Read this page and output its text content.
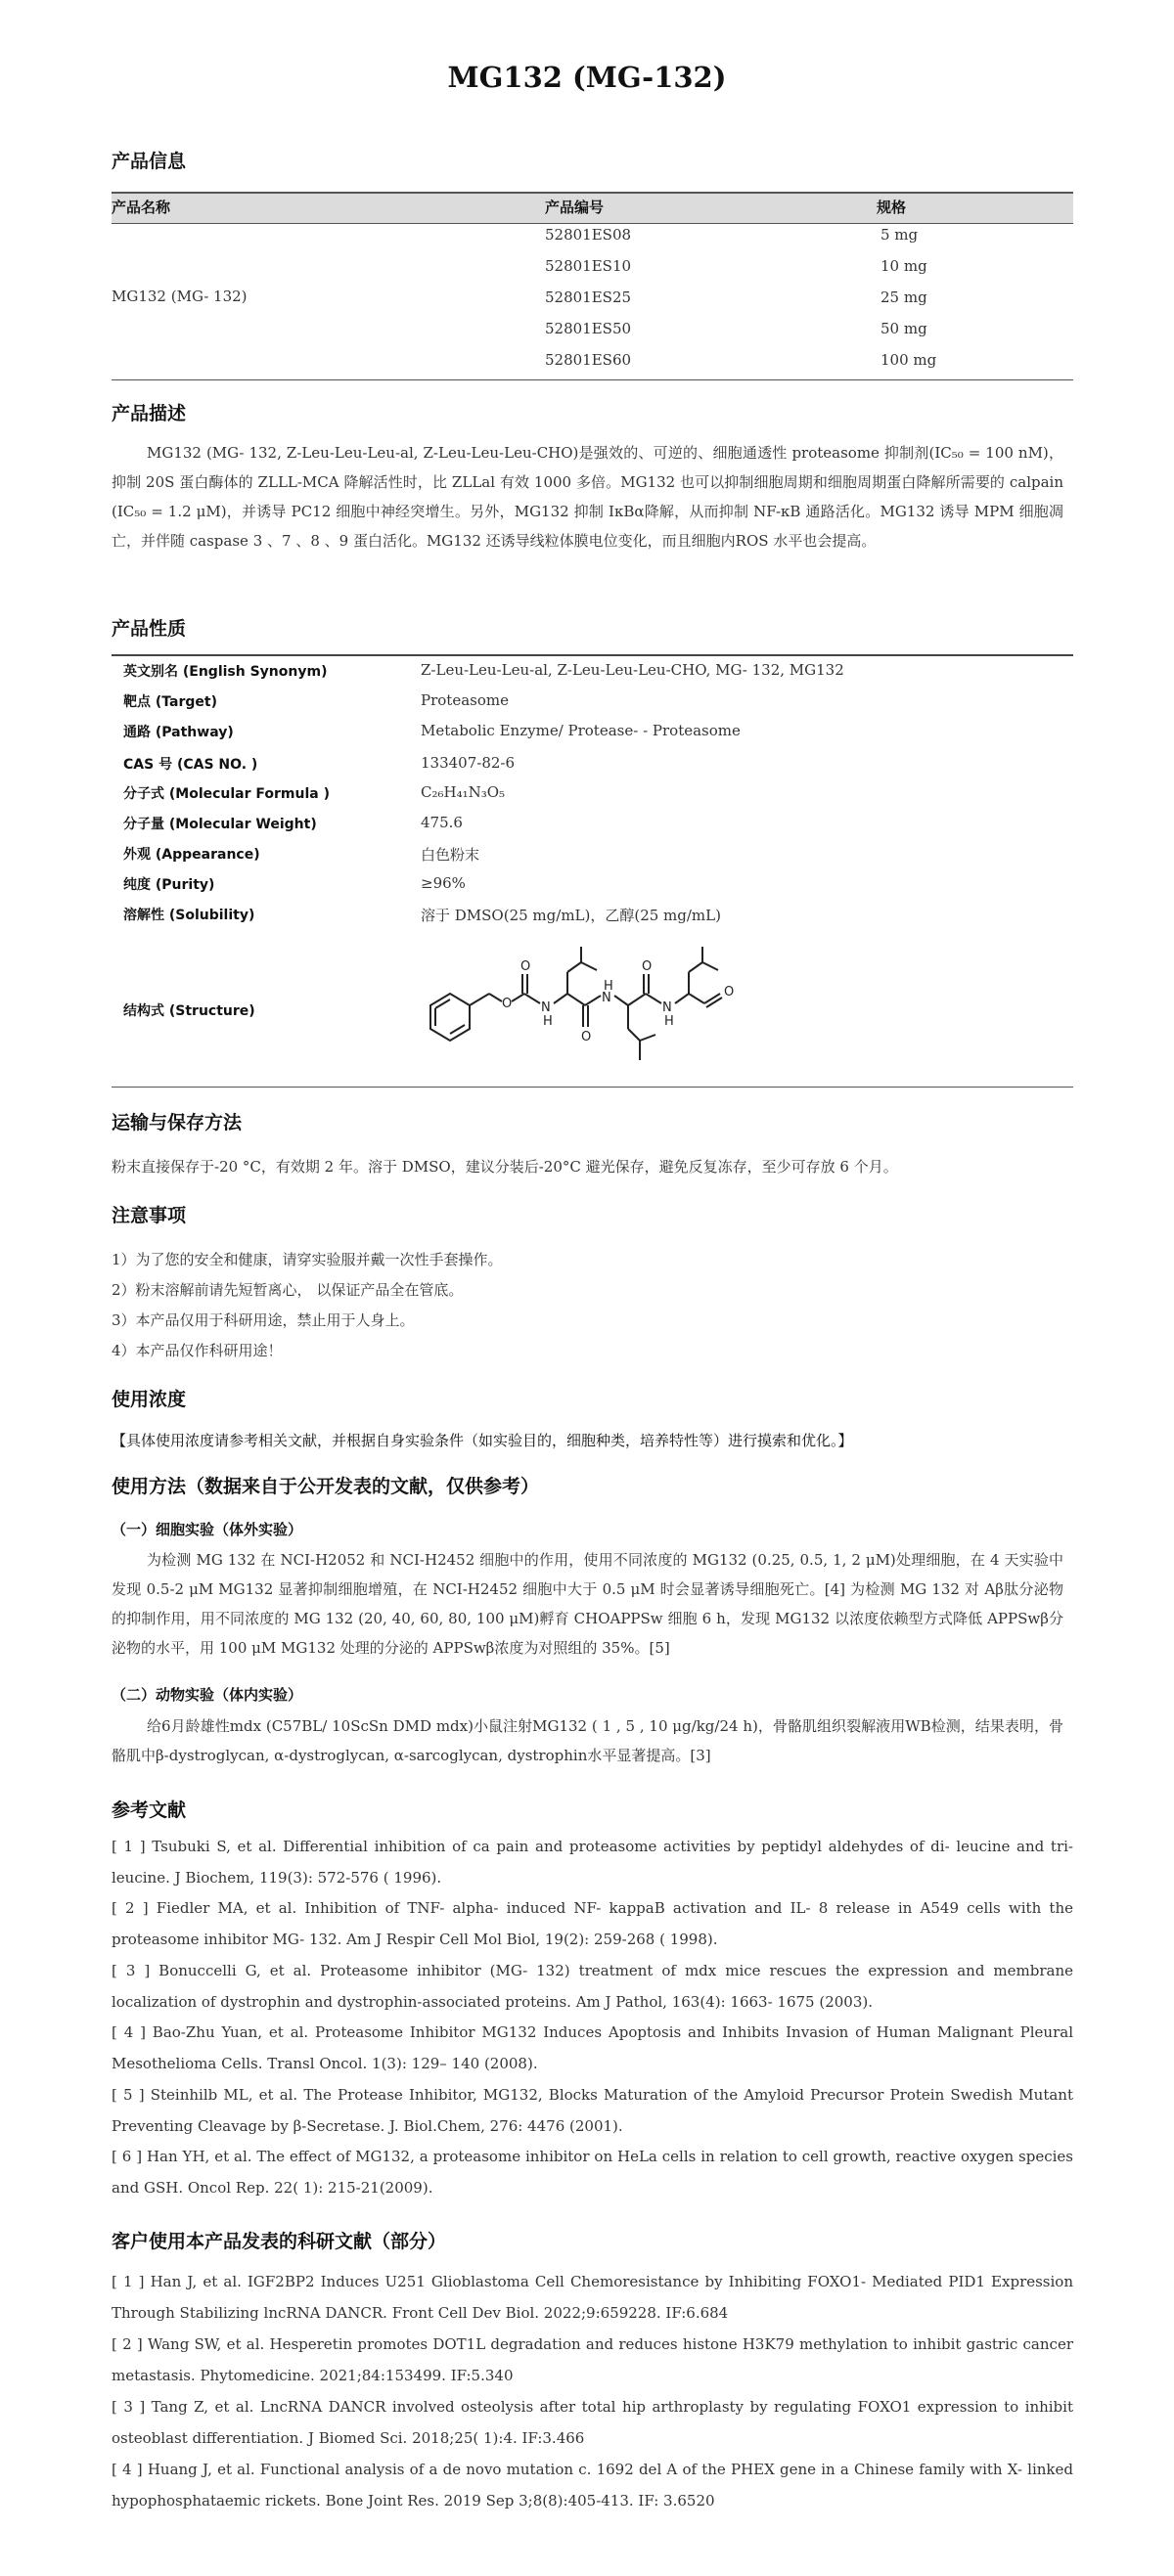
MG132 (MG-132)
产品信息
产品名称	产品编号	规格
MG132 (MG- 132)
52801ES08	5 mg
52801ES10	10 mg
52801ES25	25 mg
52801ES50	50 mg
52801ES60	100 mg
产品描述
MG132 (MG- 132, Z-Leu-Leu-Leu-al, Z-Leu-Leu-Leu-CHO)是强效的、可逆的、细胞通透性 proteasome 抑制剂(IC₅₀ = 100 nM)，抑制 20S 蛋白酶体的 ZLLL-MCA 降解活性时，比 ZLLal 有效 1000 多倍。MG132 也可以抑制细胞周期和细胞周期蛋白降解所需要的 calpain (IC₅₀ = 1.2 μM)，并诱导 PC12 细胞中神经突增生。另外，MG132 抑制 IκBα降解，从而抑制 NF-κB 通路活化。MG132 诱导 MPM 细胞凋亡，并伴随 caspase 3 、7 、8 、9 蛋白活化。MG132 还诱导线粒体膜电位变化，而且细胞内ROS 水平也会提高。
产品性质
英文别名 (English Synonym)	Z-Leu-Leu-Leu-al, Z-Leu-Leu-Leu-CHO, MG- 132, MG132
靶点 (Target)	Proteasome
通路 (Pathway)	Metabolic Enzyme/ Protease- - Proteasome
CAS 号 (CAS NO. )	133407-82-6
分子式 (Molecular Formula )	C₂₆H₄₁N₃O₅
分子量 (Molecular Weight)	475.6
外观 (Appearance)	白色粉末
纯度 (Purity)	≥96%
溶解性 (Solubility)	溶于 DMSO(25 mg/mL)，乙醇(25 mg/mL)
结构式 (Structure)	O
O
N
H
N
H
O
O
N
H
O
运输与保存方法
粉末直接保存于-20 °C，有效期 2 年。溶于 DMSO，建议分装后-20°C 避光保存，避免反复冻存，至少可存放 6 个月。
注意事项
1）为了您的安全和健康，请穿实验服并戴一次性手套操作。
2）粉末溶解前请先短暂离心， 以保证产品全在管底。
3）本产品仅用于科研用途，禁止用于人身上。
4）本产品仅作科研用途！
使用浓度
【具体使用浓度请参考相关文献，并根据自身实验条件（如实验目的，细胞种类，培养特性等）进行摸索和优化。】
使用方法（数据来自于公开发表的文献，仅供参考）
（一）细胞实验（体外实验）
为检测 MG 132 在 NCI-H2052 和 NCI-H2452 细胞中的作用，使用不同浓度的 MG132 (0.25, 0.5, 1, 2 μM)处理细胞，在 4 天实验中发现 0.5-2 μM MG132 显著抑制细胞增殖，在 NCI-H2452 细胞中大于 0.5 μM 时会显著诱导细胞死亡。[4] 为检测 MG 132 对 Aβ肽分泌物的抑制作用，用不同浓度的 MG 132 (20, 40, 60, 80, 100 μM)孵育 CHOAPPSw 细胞 6 h，发现 MG132 以浓度依赖型方式降低 APPSwβ分泌物的水平，用 100 μM MG132 处理的分泌的 APPSwβ浓度为对照组的 35%。[5]
（二）动物实验（体内实验）
给6月龄雄性mdx (C57BL/ 10ScSn DMD mdx)小鼠注射MG132 ( 1 , 5 , 10 μg/kg/24 h)，骨骼肌组织裂解液用WB检测，结果表明，骨骼肌中β-dystroglycan, α-dystroglycan, α-sarcoglycan, dystrophin水平显著提高。[3]
参考文献
[ 1 ] Tsubuki S, et al. Differential inhibition of ca pain and proteasome activities by peptidyl aldehydes of di- leucine and tri- leucine. J Biochem, 119(3): 572-576 ( 1996).
[ 2 ] Fiedler MA, et al. Inhibition of TNF- alpha- induced NF- kappaB activation and IL- 8 release in A549 cells with the proteasome inhibitor MG- 132. Am J Respir Cell Mol Biol, 19(2): 259-268 ( 1998).
[ 3 ] Bonuccelli G, et al. Proteasome inhibitor (MG- 132) treatment of mdx mice rescues the expression and membrane localization of dystrophin and dystrophin-associated proteins. Am J Pathol, 163(4): 1663- 1675 (2003).
[ 4 ] Bao-Zhu Yuan, et al. Proteasome Inhibitor MG132 Induces Apoptosis and Inhibits Invasion of Human Malignant Pleural Mesothelioma Cells. Transl Oncol. 1(3): 129– 140 (2008).
[ 5 ] Steinhilb ML, et al. The Protease Inhibitor, MG132, Blocks Maturation of the Amyloid Precursor Protein Swedish Mutant Preventing Cleavage by β-Secretase. J. Biol.Chem, 276: 4476 (2001).
[ 6 ] Han YH, et al. The effect of MG132, a proteasome inhibitor on HeLa cells in relation to cell growth, reactive oxygen species and GSH. Oncol Rep. 22( 1): 215-21(2009).
客户使用本产品发表的科研文献（部分）
[ 1 ] Han J, et al. IGF2BP2 Induces U251 Glioblastoma Cell Chemoresistance by Inhibiting FOXO1- Mediated PID1 Expression Through Stabilizing lncRNA DANCR. Front Cell Dev Biol. 2022;9:659228. IF:6.684
[ 2 ] Wang SW, et al. Hesperetin promotes DOT1L degradation and reduces histone H3K79 methylation to inhibit gastric cancer metastasis. Phytomedicine. 2021;84:153499. IF:5.340
[ 3 ] Tang Z, et al. LncRNA DANCR involved osteolysis after total hip arthroplasty by regulating FOXO1 expression to inhibit osteoblast differentiation. J Biomed Sci. 2018;25( 1):4. IF:3.466
[ 4 ] Huang J, et al. Functional analysis of a de novo mutation c. 1692 del A of the PHEX gene in a Chinese family with X- linked hypophosphataemic rickets. Bone Joint Res. 2019 Sep 3;8(8):405-413. IF: 3.6520
